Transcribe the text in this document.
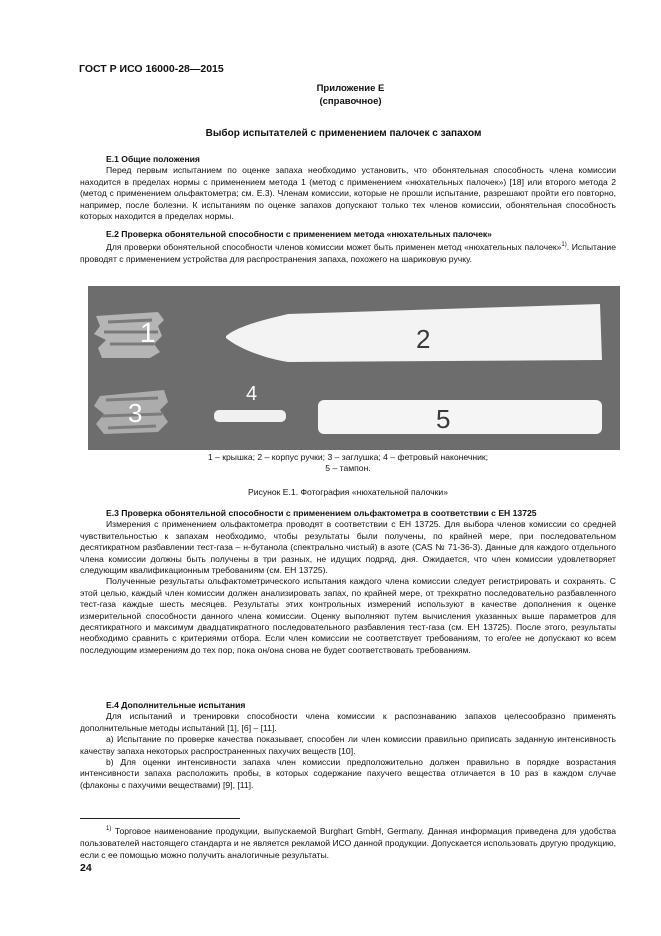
ГОСТ Р ИСО 16000-28—2015
Приложение Е
(справочное)
Выбор испытателей с применением палочек с запахом
Е.1 Общие положения

Перед первым испытанием по оценке запаха необходимо установить, что обонятельная способность члена комиссии находится в пределах нормы с применением метода 1 (метод с применением «нюхательных палочек») [18] или второго метода 2 (метод с применением ольфактометра; см. Е.3). Членам комиссии, которые не прошли испытание, разрешают пройти его повторно, например, после болезни. К испытаниям по оценке запахов допускают только тех членов комиссии, обонятельная способность которых находится в пределах нормы.

Е.2 Проверка обонятельной способности с применением метода «нюхательных палочек»

Для проверки обонятельной способности членов комиссии может быть применен метод «нюхательных палочек»$^{1)}$. Испытание проводят с применением устройства для распространения запаха, похожего на шариковую ручку.

1	2
3
4
5
1 – крышка; 2 – корпус ручки; 3 – заглушка; 4 – фетровый наконечник;
5 – тампон.
Рисунок Е.1. Фотография «нюхательной палочки»
Е.3 Проверка обонятельной способности с применением ольфактометра в соответствии с ЕН 13725

Измерения с применением ольфактометра проводят в соответствии с ЕН 13725. Для выбора членов комиссии со средней чувствительностью к запахам необходимо, чтобы результаты были получены, по крайней мере, при последовательном десятикратном разбавлении тест-газа – н-бутанола (спектрально чистый) в азоте (CAS № 71-36-3). Данные для каждого отдельного члена комиссии должны быть получены в три разных, не идущих подряд, дня. Ожидается, что член комиссии удовлетворяет следующим квалификационным требованиям (см. ЕН 13725).

Полученные результаты ольфактометрического испытания каждого члена комиссии следует регистрировать и сохранять. С этой целью, каждый член комиссии должен анализировать запах, по крайней мере, от трехкратно последовательно разбавленного тест-газа каждые шесть месяцев. Результаты этих контрольных измерений используют в качестве дополнения к оценке измерительной способности данного члена комиссии. Оценку выполняют путем вычисления указанных выше параметров для десятикратного и максимум двадцатикратного последовательного разбавления тест-газа (см. ЕН 13725). После этого, результаты необходимо сравнить с критериями отбора. Если член комиссии не соответствует требованиям, то его/ее не допускают ко всем последующим измерениям до тех пор, пока он/она снова не будет соответствовать требованиям.

Е.4 Дополнительные испытания

Для испытаний и тренировки способности члена комиссии к распознаванию запахов целесообразно применять дополнительные методы испытаний [1], [6] – [11].

a) Испытание по проверке качества показывает, способен ли член комиссии правильно приписать заданную интенсивность качеству запаха некоторых распространенных пахучих веществ [10].

b) Для оценки интенсивности запаха член комиссии предположительно должен правильно в порядке возрастания интенсивности запаха расположить пробы, в которых содержание пахучего вещества отличается в 10 раз в каждом случае (флаконы с пахучими веществами) [9], [11].

$^{1)}$ Торговое наименование продукции, выпускаемой Burghart GmbH, Germany. Данная информация приведена для удобства пользователей настоящего стандарта и не является рекламой ИСО данной продукции. Допускается использовать другую продукцию, если с ее помощью можно получить аналогичные результаты.
24
